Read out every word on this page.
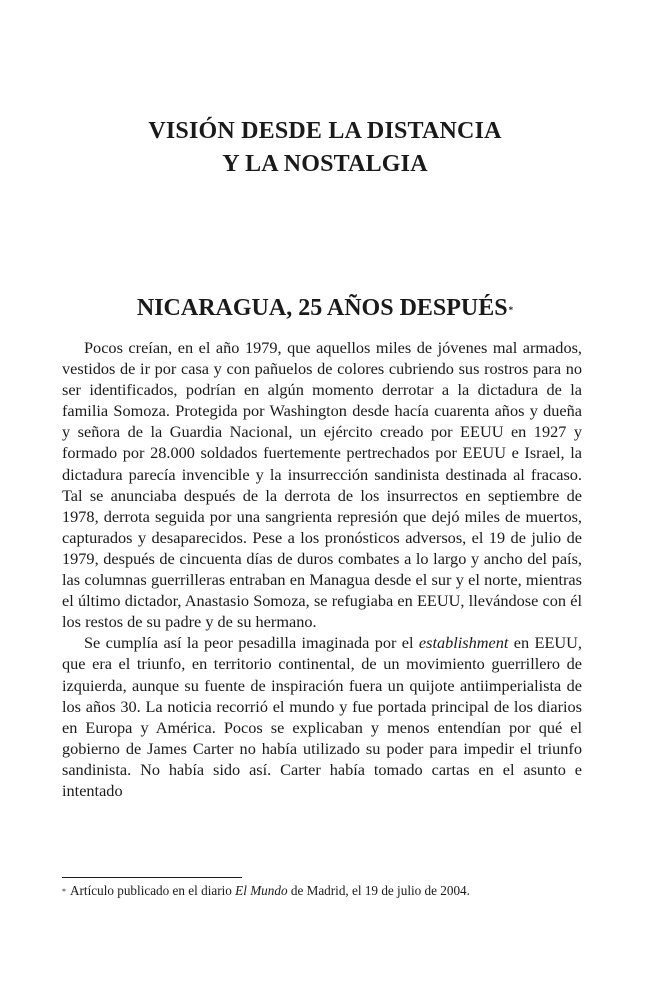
VISIÓN DESDE LA DISTANCIA
Y LA NOSTALGIA
NICARAGUA, 25 AÑOS DESPUÉS*

Pocos creían, en el año 1979, que aquellos miles de jóvenes mal armados, vestidos de ir por casa y con pañuelos de colores cubriendo sus rostros para no ser identificados, podrían en algún momento derrotar a la dictadura de la familia Somoza. Protegida por Washington desde hacía cuarenta años y dueña y señora de la Guardia Nacional, un ejército creado por EEUU en 1927 y formado por 28.000 soldados fuertemente pertrechados por EEUU e Israel, la dictadura parecía invencible y la insurrección sandinista destinada al fracaso. Tal se anunciaba después de la derrota de los insurrectos en septiembre de 1978, derrota seguida por una sangrienta represión que dejó miles de muertos, capturados y desaparecidos. Pese a los pronósticos adversos, el 19 de julio de 1979, después de cincuenta días de duros combates a lo largo y ancho del país, las columnas guerrilleras entraban en Managua desde el sur y el norte, mientras el último dictador, Anastasio Somoza, se refugiaba en EEUU, llevándose con él los restos de su padre y de su hermano.

Se cumplía así la peor pesadilla imaginada por el establishment en EEUU, que era el triunfo, en territorio continental, de un movimiento guerrillero de izquierda, aunque su fuente de inspiración fuera un quijote antiimperialista de los años 30. La noticia recorrió el mundo y fue portada principal de los diarios en Europa y América. Pocos se explicaban y menos entendían por qué el gobierno de James Carter no había utilizado su poder para impedir el triunfo sandinista. No había sido así. Carter había tomado cartas en el asunto e intentado

* Artículo publicado en el diario El Mundo de Madrid, el 19 de julio de 2004.
